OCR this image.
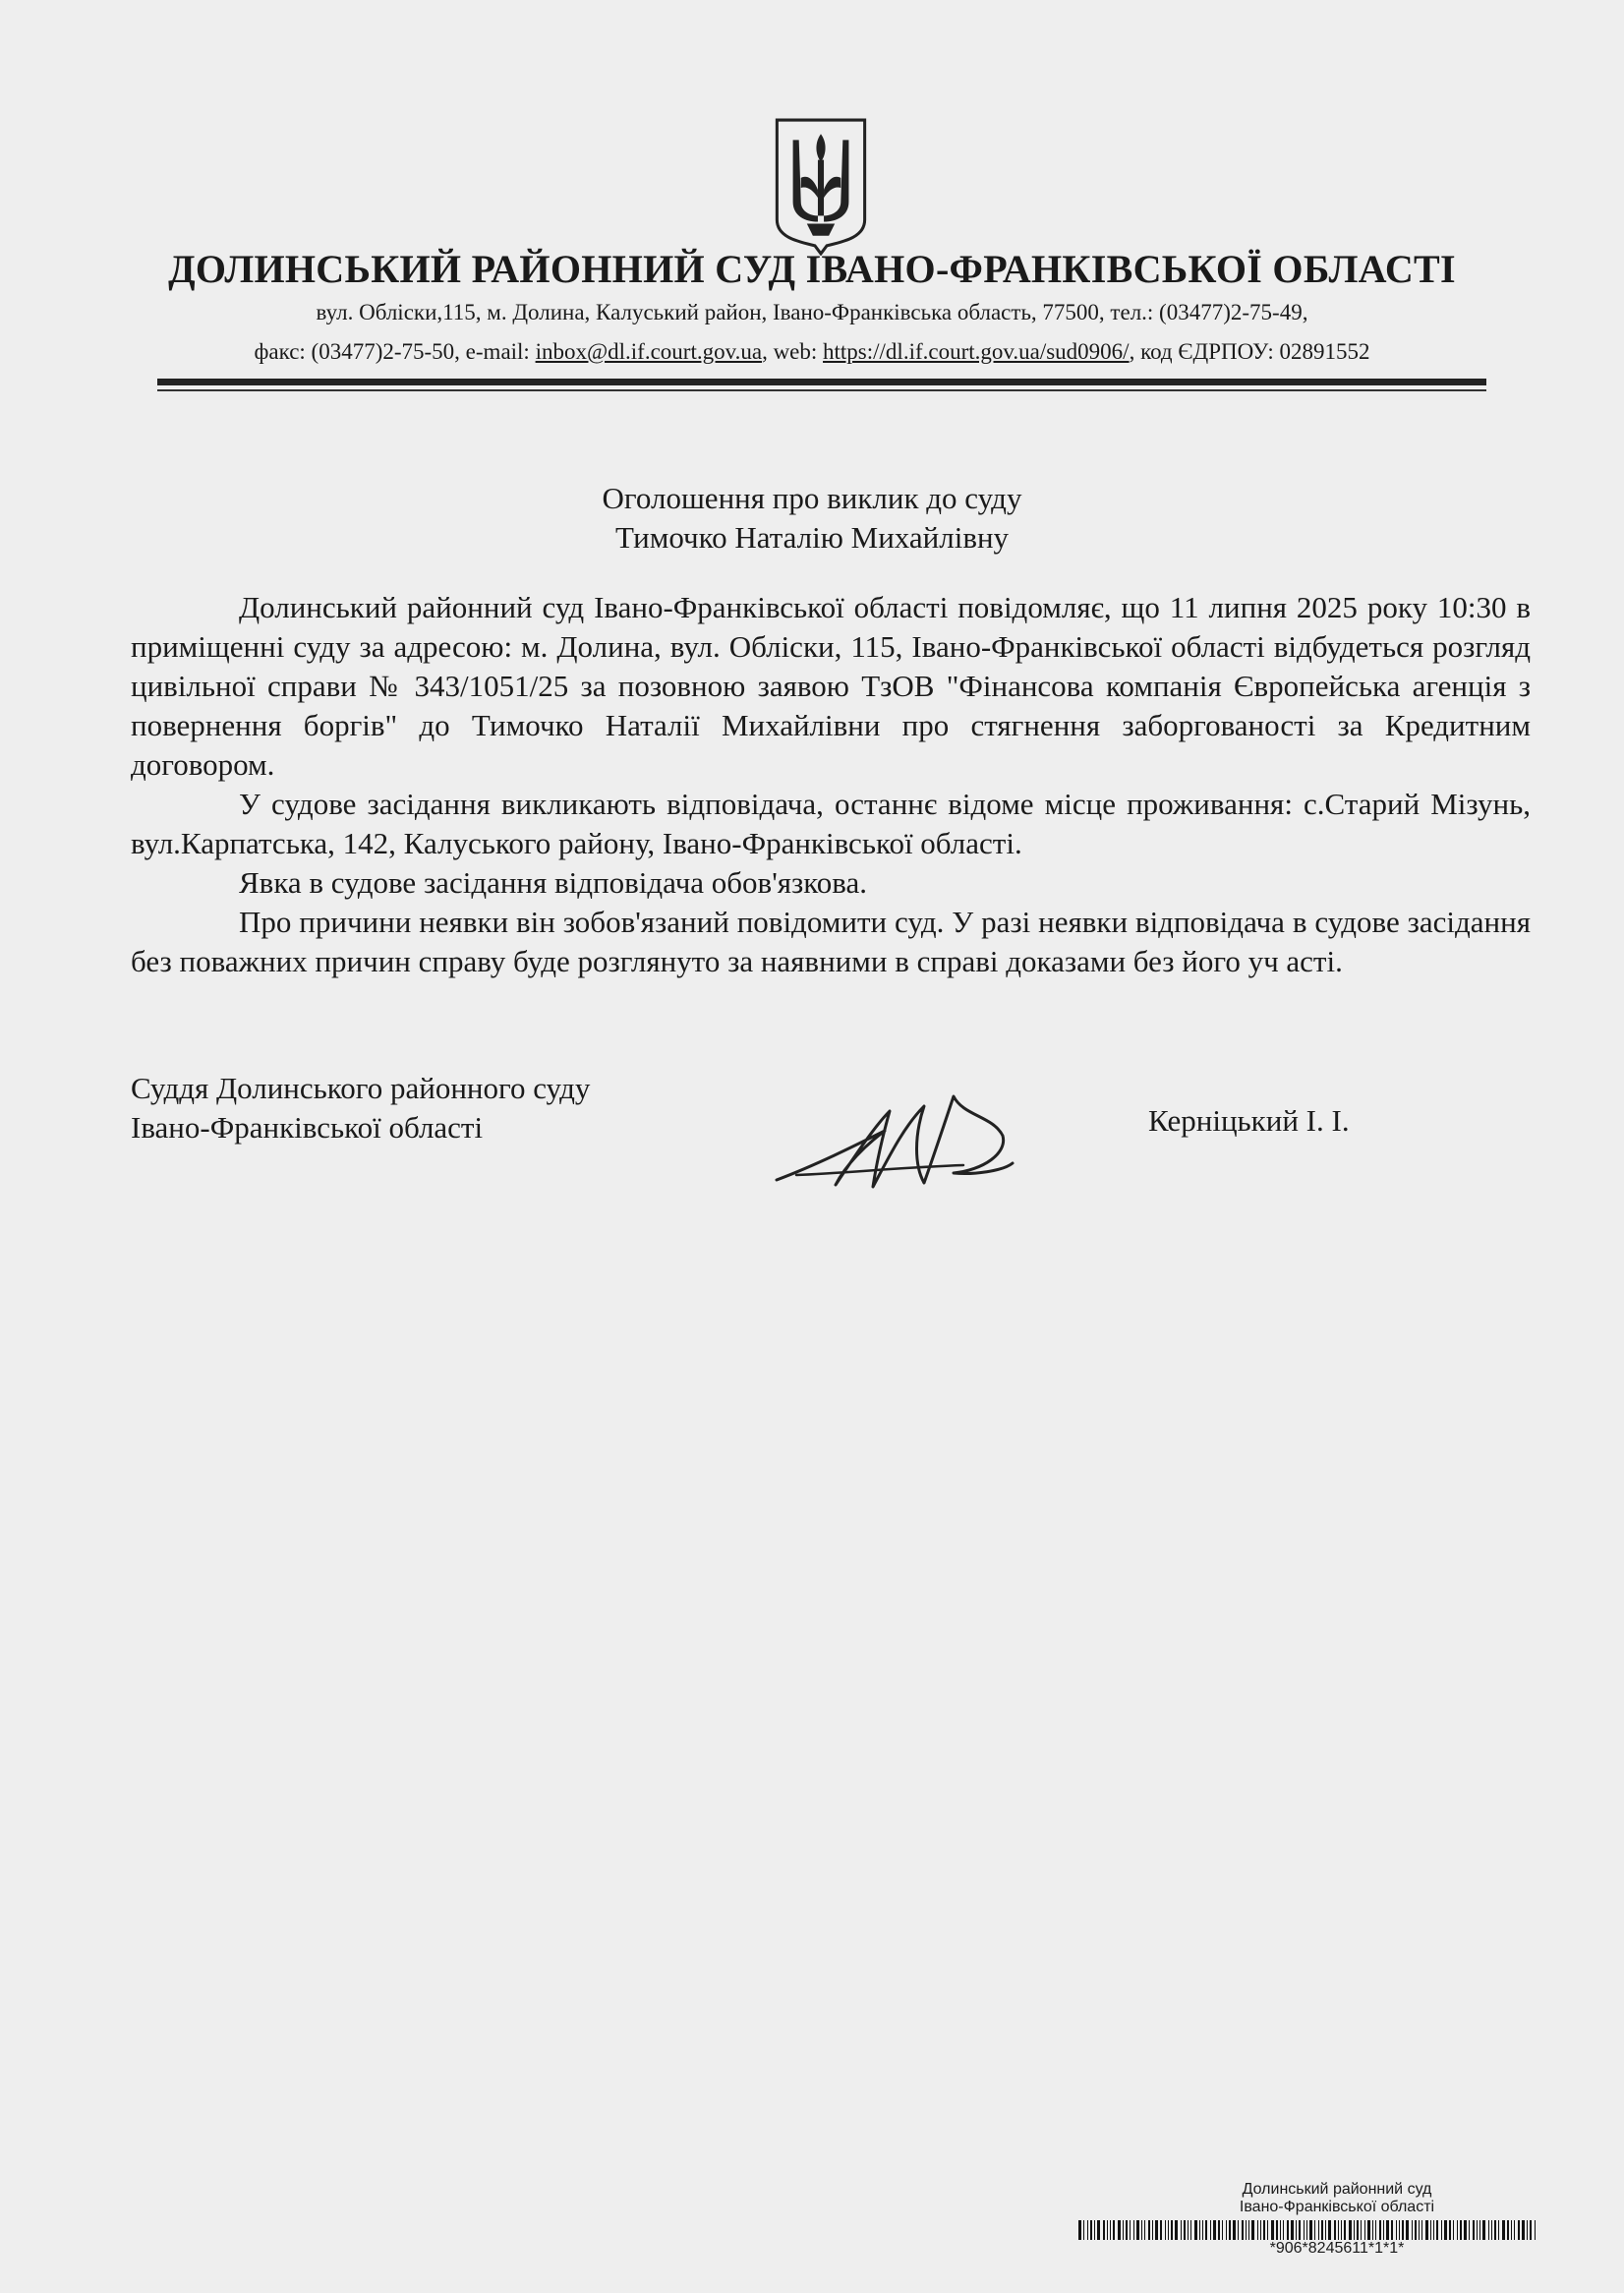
ДОЛИНСЬКИЙ РАЙОННИЙ СУД ІВАНО-ФРАНКІВСЬКОЇ ОБЛАСТІ
вул. Обліски,115, м. Долина, Калуський район, Івано-Франківська область, 77500, тел.: (03477)2-75-49,
факс: (03477)2-75-50, e-mail: inbox@dl.if.court.gov.ua, web: https://dl.if.court.gov.ua/sud0906/, код ЄДРПОУ: 02891552
Оголошення про виклик до суду
Тимочко Наталію Михайлівну

Долинський районний суд Івано-Франківської області повідомляє, що 11 липня 2025 року 10:30 в приміщенні суду за адресою: м. Долина, вул. Обліски, 115, Івано-Франківської області відбудеться розгляд цивільної справи № 343/1051/25 за позовною заявою ТзОВ "Фінансова компанія Європейська агенція з повернення боргів" до Тимочко Наталії Михайлівни про стягнення заборгованості за Кредитним договором.

У судове засідання викликають відповідача, останнє відоме місце проживання: с.Старий Мізунь, вул.Карпатська, 142, Калуського району, Івано-Франківської області.

Явка в судове засідання відповідача обов'язкова.

Про причини неявки він зобов'язаний повідомити суд. У разі неявки відповідача в судове засідання без поважних причин справу буде розглянуто за наявними в справі доказами без його уч асті.

Суддя Долинського районного суду
Івано-Франківської області	Керніцький І. І.
Долинський районний суд
Івано-Франківської області
*906*8245611*1*1*
